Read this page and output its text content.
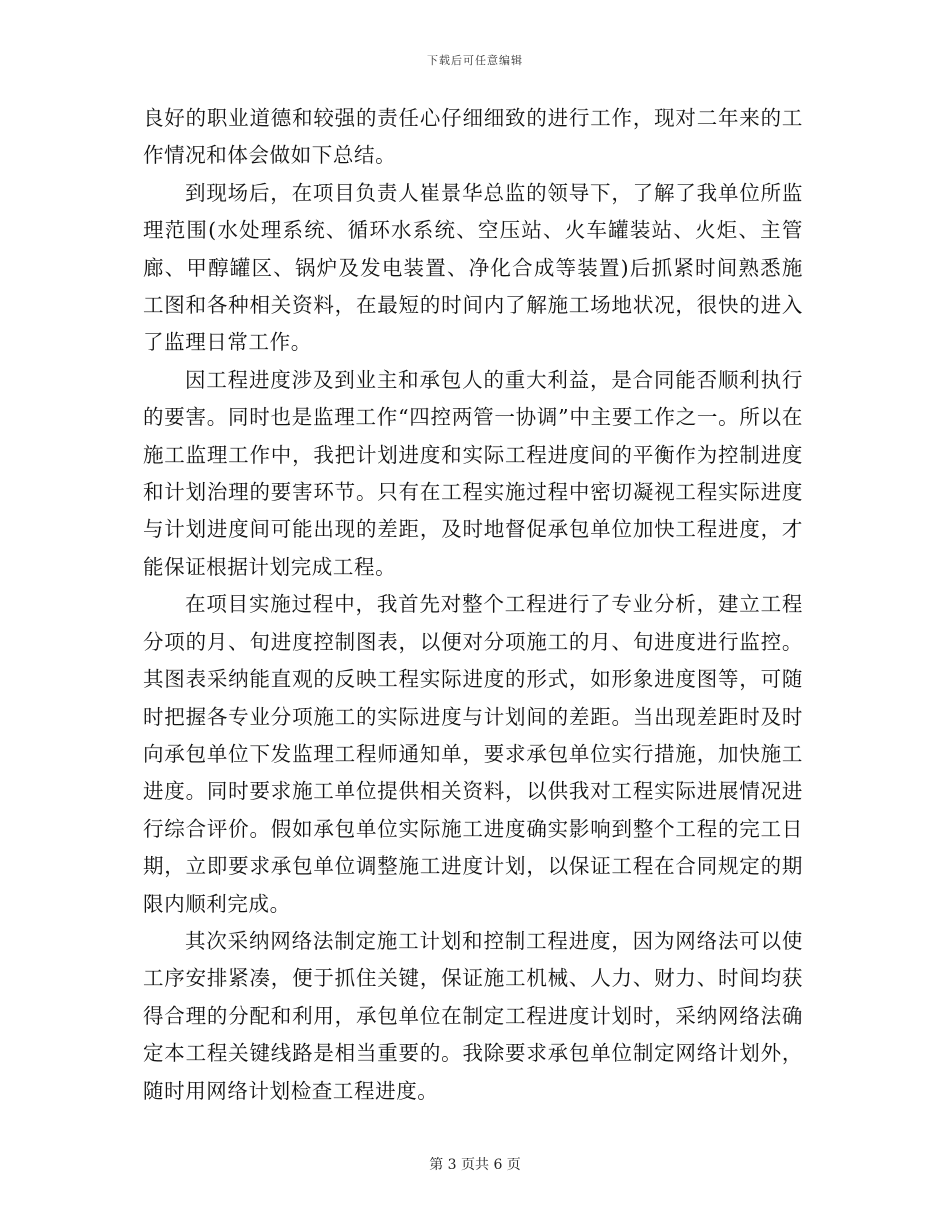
下载后可任意编辑

良好的职业道德和较强的责任心仔细细致的进行工作，现对二年来的工作情况和体会做如下总结。

到现场后，在项目负责人崔景华总监的领导下，了解了我单位所监理范围(水处理系统、循环水系统、空压站、火车罐装站、火炬、主管廊、甲醇罐区、锅炉及发电装置、净化合成等装置)后抓紧时间熟悉施工图和各种相关资料，在最短的时间内了解施工场地状况，很快的进入了监理日常工作。

因工程进度涉及到业主和承包人的重大利益，是合同能否顺利执行的要害。同时也是监理工作“四控两管一协调”中主要工作之一。所以在施工监理工作中，我把计划进度和实际工程进度间的平衡作为控制进度和计划治理的要害环节。只有在工程实施过程中密切凝视工程实际进度与计划进度间可能出现的差距，及时地督促承包单位加快工程进度，才能保证根据计划完成工程。

在项目实施过程中，我首先对整个工程进行了专业分析，建立工程分项的月、旬进度控制图表，以便对分项施工的月、旬进度进行监控。其图表采纳能直观的反映工程实际进度的形式，如形象进度图等，可随时把握各专业分项施工的实际进度与计划间的差距。当出现差距时及时向承包单位下发监理工程师通知单，要求承包单位实行措施，加快施工进度。同时要求施工单位提供相关资料，以供我对工程实际进展情况进行综合评价。假如承包单位实际施工进度确实影响到整个工程的完工日期，立即要求承包单位调整施工进度计划，以保证工程在合同规定的期限内顺利完成。

其次采纳网络法制定施工计划和控制工程进度，因为网络法可以使工序安排紧凑，便于抓住关键，保证施工机械、人力、财力、时间均获得合理的分配和利用，承包单位在制定工程进度计划时，采纳网络法确定本工程关键线路是相当重要的。我除要求承包单位制定网络计划外，随时用网络计划检查工程进度。

第 3 页共 6 页
